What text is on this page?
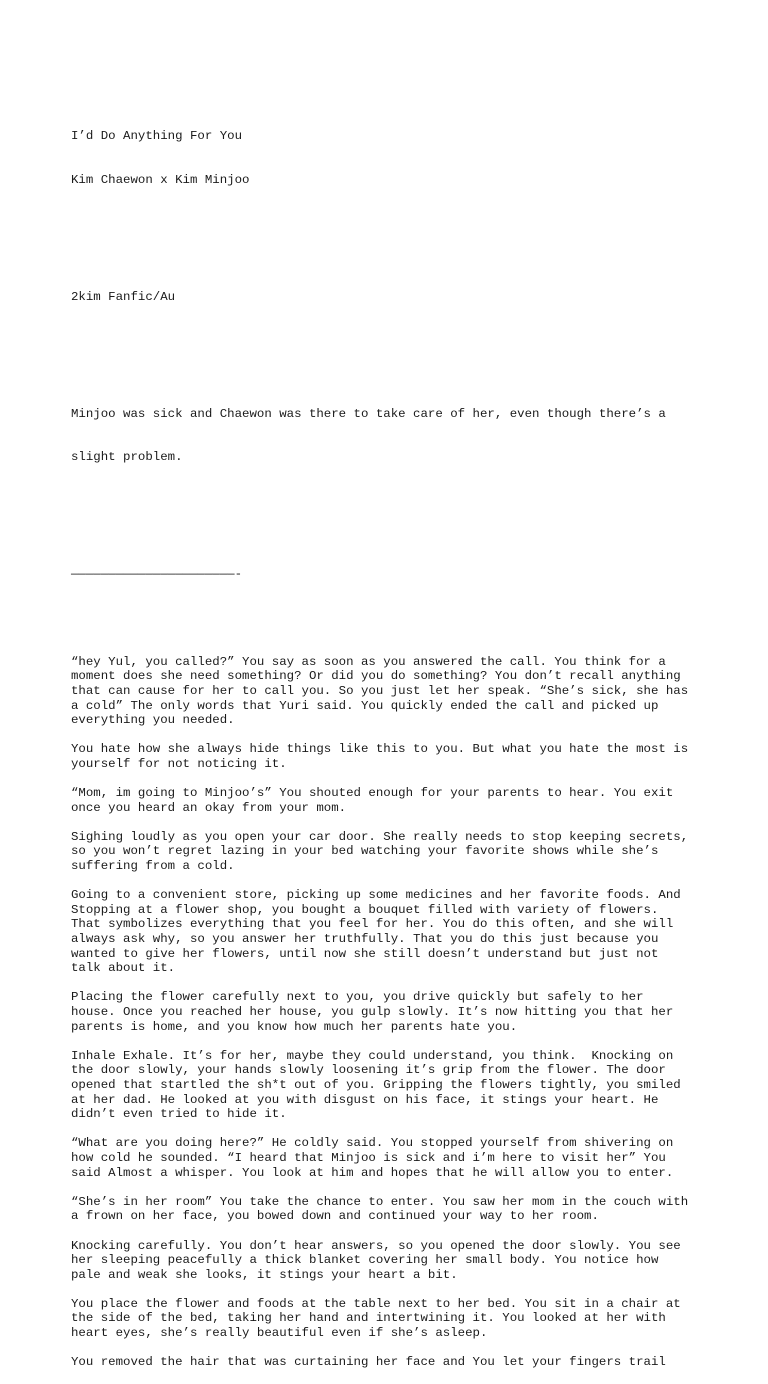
I’d Do Anything For You

Kim Chaewon x Kim Minjoo

2kim Fanfic/Au

Minjoo was sick and Chaewon was there to take care of her, even though there’s a

slight problem.

——————————————————————-

“hey Yul, you called?” You say as soon as you answered the call. You think for a
moment does she need something? Or did you do something? You don’t recall anything
that can cause for her to call you. So you just let her speak. “She’s sick, she has
a cold” The only words that Yuri said. You quickly ended the call and picked up
everything you needed.
You hate how she always hide things like this to you. But what you hate the most is
yourself for not noticing it.
“Mom, im going to Minjoo’s” You shouted enough for your parents to hear. You exit
once you heard an okay from your mom.
Sighing loudly as you open your car door. She really needs to stop keeping secrets,
so you won’t regret lazing in your bed watching your favorite shows while she’s
suffering from a cold.
Going to a convenient store, picking up some medicines and her favorite foods. And
Stopping at a flower shop, you bought a bouquet filled with variety of flowers.
That symbolizes everything that you feel for her. You do this often, and she will
always ask why, so you answer her truthfully. That you do this just because you
wanted to give her flowers, until now she still doesn’t understand but just not
talk about it.
Placing the flower carefully next to you, you drive quickly but safely to her
house. Once you reached her house, you gulp slowly. It’s now hitting you that her
parents is home, and you know how much her parents hate you.
Inhale Exhale. It’s for her, maybe they could understand, you think.  Knocking on
the door slowly, your hands slowly loosening it’s grip from the flower. The door
opened that startled the sh*t out of you. Gripping the flowers tightly, you smiled
at her dad. He looked at you with disgust on his face, it stings your heart. He
didn’t even tried to hide it.
“What are you doing here?” He coldly said. You stopped yourself from shivering on
how cold he sounded. “I heard that Minjoo is sick and i’m here to visit her” You
said Almost a whisper. You look at him and hopes that he will allow you to enter.
“She’s in her room” You take the chance to enter. You saw her mom in the couch with
a frown on her face, you bowed down and continued your way to her room.
Knocking carefully. You don’t hear answers, so you opened the door slowly. You see
her sleeping peacefully a thick blanket covering her small body. You notice how
pale and weak she looks, it stings your heart a bit.
You place the flower and foods at the table next to her bed. You sit in a chair at
the side of the bed, taking her hand and intertwining it. You looked at her with
heart eyes, she’s really beautiful even if she’s asleep.
You removed the hair that was curtaining her face and You let your fingers trail
